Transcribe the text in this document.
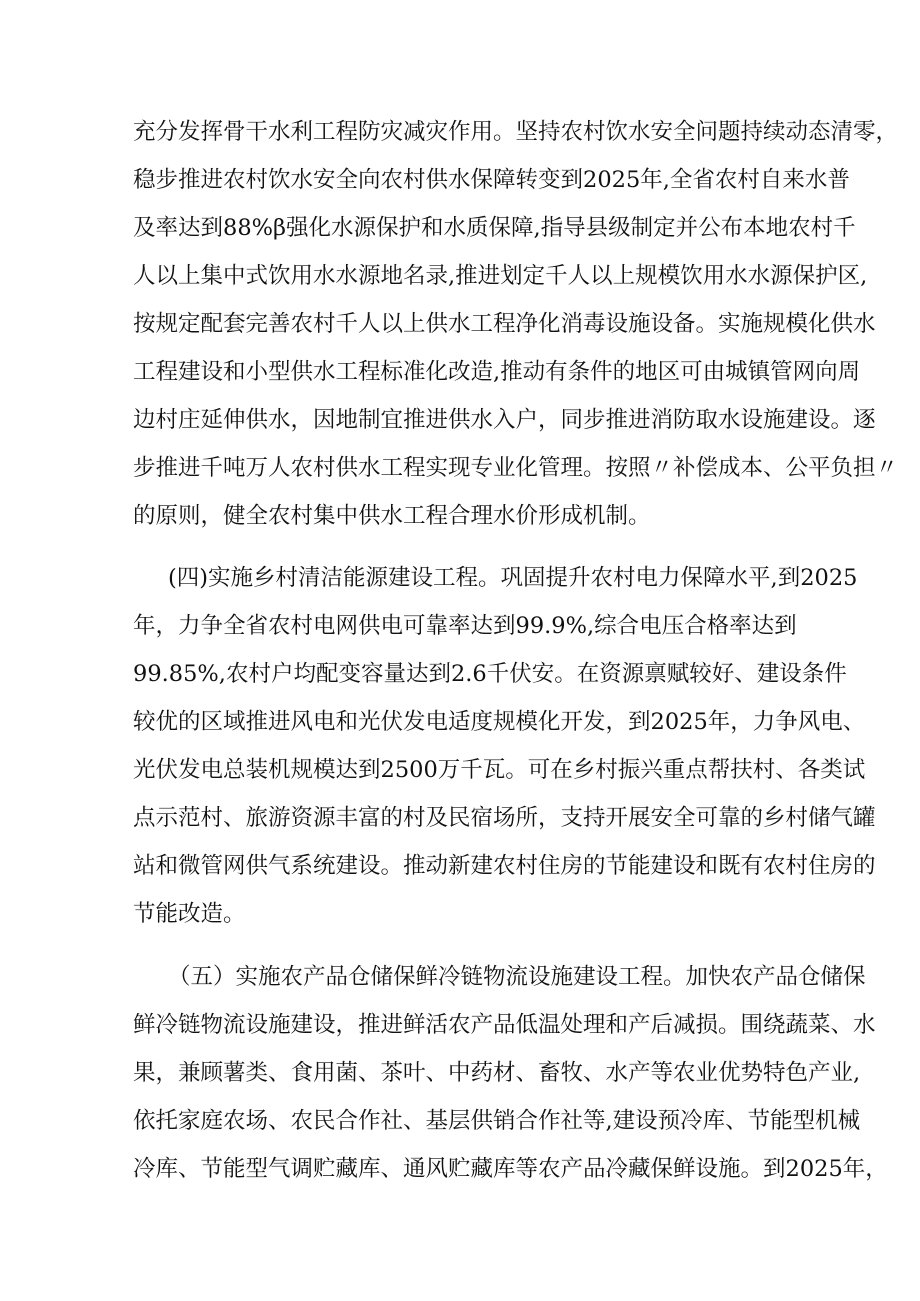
充分发挥骨干水利工程防灾减灾作用。坚持农村饮水安全问题持续动态清零，
稳步推进农村饮水安全向农村供水保障转变到2025年,全省农村自来水普
及率达到88%β强化水源保护和水质保障,指导县级制定并公布本地农村千
人以上集中式饮用水水源地名录,推进划定千人以上规模饮用水水源保护区,
按规定配套完善农村千人以上供水工程净化消毒设施设备。实施规模化供水
工程建设和小型供水工程标准化改造,推动有条件的地区可由城镇管网向周
边村庄延伸供水，因地制宜推进供水入户，同步推进消防取水设施建设。逐
步推进千吨万人农村供水工程实现专业化管理。按照〃补偿成本、公平负担〃
的原则，健全农村集中供水工程合理水价形成机制。
(四)实施乡村清洁能源建设工程。巩固提升农村电力保障水平,到2025
年，力争全省农村电网供电可靠率达到99.9%,综合电压合格率达到
99.85%,农村户均配变容量达到2.6千伏安。在资源禀赋较好、建设条件
较优的区域推进风电和光伏发电适度规模化开发，到2025年，力争风电、
光伏发电总装机规模达到2500万千瓦。可在乡村振兴重点帮扶村、各类试
点示范村、旅游资源丰富的村及民宿场所，支持开展安全可靠的乡村储气罐
站和微管网供气系统建设。推动新建农村住房的节能建设和既有农村住房的
节能改造。
（五）实施农产品仓储保鲜冷链物流设施建设工程。加快农产品仓储保
鲜冷链物流设施建设，推进鲜活农产品低温处理和产后减损。围绕蔬菜、水
果，兼顾薯类、食用菌、茶叶、中药材、畜牧、水产等农业优势特色产业,
依托家庭农场、农民合作社、基层供销合作社等,建设预冷库、节能型机械
冷库、节能型气调贮藏库、通风贮藏库等农产品冷藏保鲜设施。到2025年，
